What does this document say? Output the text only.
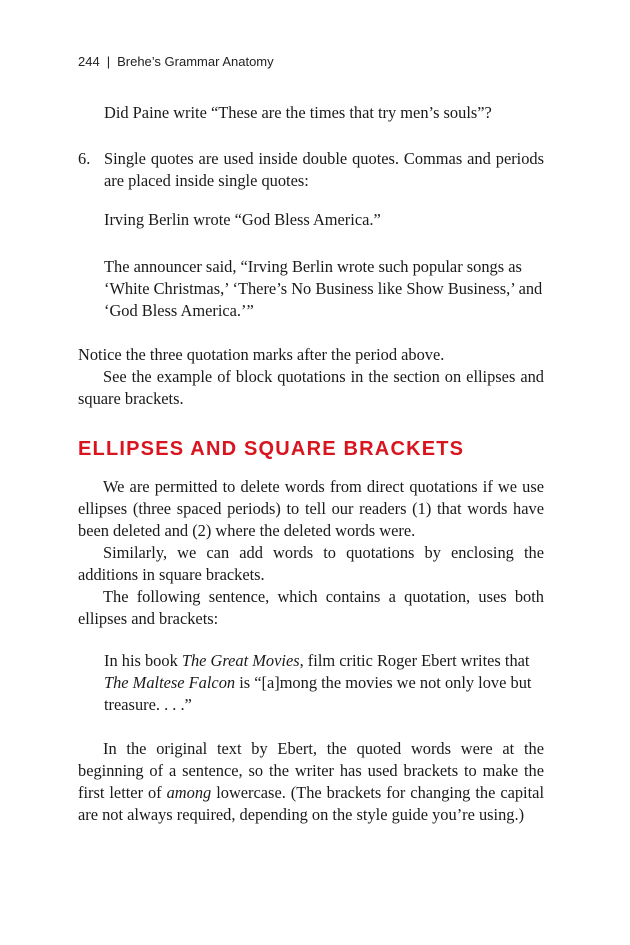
244 | Brehe’s Grammar Anatomy

Did Paine write “These are the times that try men’s souls”?

6. Single quotes are used inside double quotes. Commas and periods are placed inside single quotes:

Irving Berlin wrote “God Bless America.”

The announcer said, “Irving Berlin wrote such popular songs as ‘White Christmas,’ ‘There’s No Business like Show Business,’ and ‘God Bless America.’”

Notice the three quotation marks after the period above.

See the example of block quotations in the section on ellipses and square brackets.

ELLIPSES AND SQUARE BRACKETS

We are permitted to delete words from direct quotations if we use ellipses (three spaced periods) to tell our readers (1) that words have been deleted and (2) where the deleted words were.

Similarly, we can add words to quotations by enclosing the additions in square brackets.

The following sentence, which contains a quotation, uses both ellipses and brackets:

In his book The Great Movies, film critic Roger Ebert writes that The Maltese Falcon is “[a]mong the movies we not only love but treasure. . . .”

In the original text by Ebert, the quoted words were at the beginning of a sentence, so the writer has used brackets to make the first letter of among lowercase. (The brackets for changing the capital are not always required, depending on the style guide you’re using.)
